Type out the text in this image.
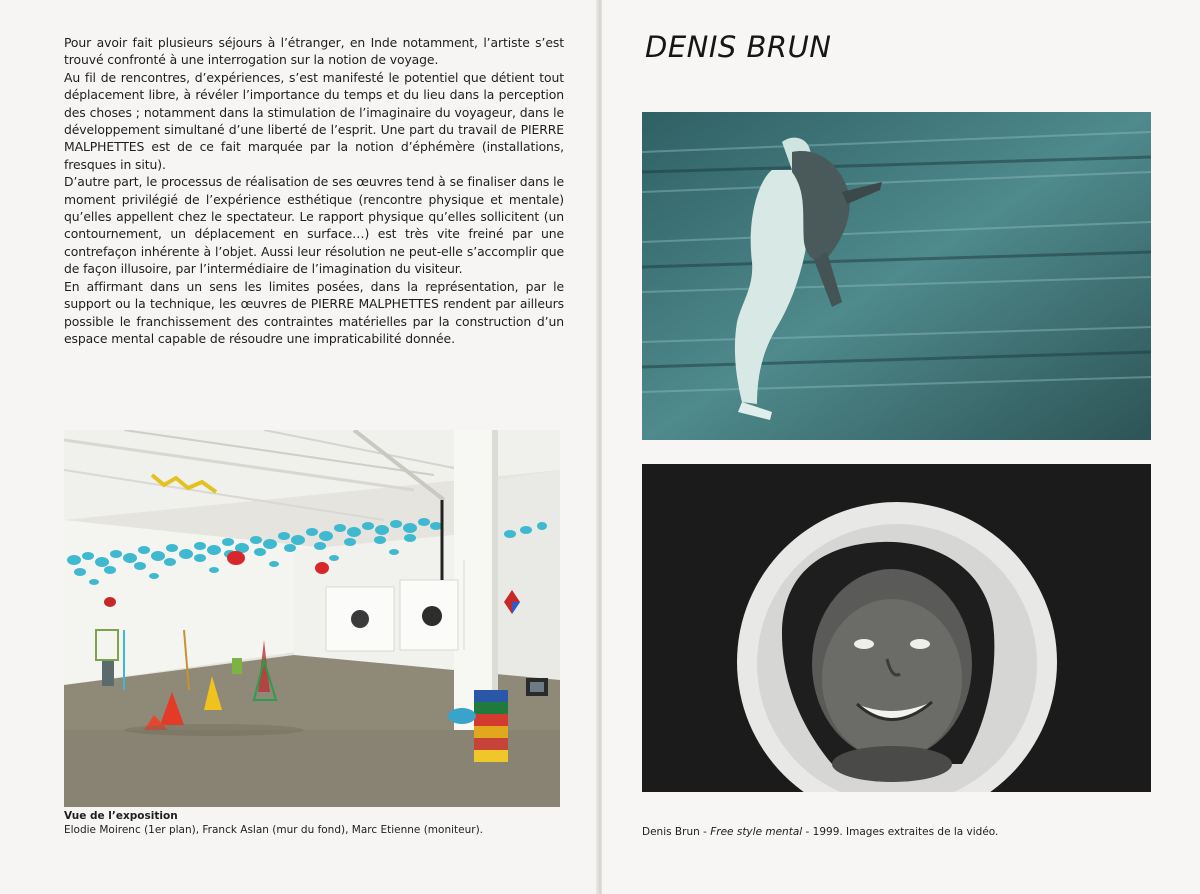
Pour avoir fait plusieurs séjours à l’étranger, en Inde notamment, l’artiste s’est trouvé confronté à une interrogation sur la notion de voyage.

Au fil de rencontres, d’expériences, s’est manifesté le potentiel que détient tout déplacement libre, à révéler l’importance du temps et du lieu dans la perception des choses ; notamment dans la stimulation de l’imaginaire du voyageur, dans le développement simultané d’une liberté de l’esprit. Une part du travail de PIERRE MALPHETTES est de ce fait marquée par la notion d’éphémère (installations, fresques in situ).

D’autre part, le processus de réalisation de ses œuvres tend à se finaliser dans le moment privilégié de l’expérience esthétique (rencontre physique et mentale) qu’elles appellent chez le spectateur. Le rapport physique qu’elles sollicitent (un contournement, un déplacement en surface…) est très vite freiné par une contrefaçon inhérente à l’objet. Aussi leur résolution ne peut-elle s’accomplir que de façon illusoire, par l’intermédiaire de l’imagination du visiteur.

En affirmant dans un sens les limites posées, dans la représentation, par le support ou la technique, les œuvres de PIERRE MALPHETTES rendent par ailleurs possible le franchissement des contraintes matérielles par la construction d’un espace mental capable de résoudre une impraticabilité donnée.

Vue de l’exposition
Elodie Moirenc (1er plan), Franck Aslan (mur du fond), Marc Etienne (moniteur).
DENIS BRUN
Denis Brun - Free style mental - 1999. Images extraites de la vidéo.
